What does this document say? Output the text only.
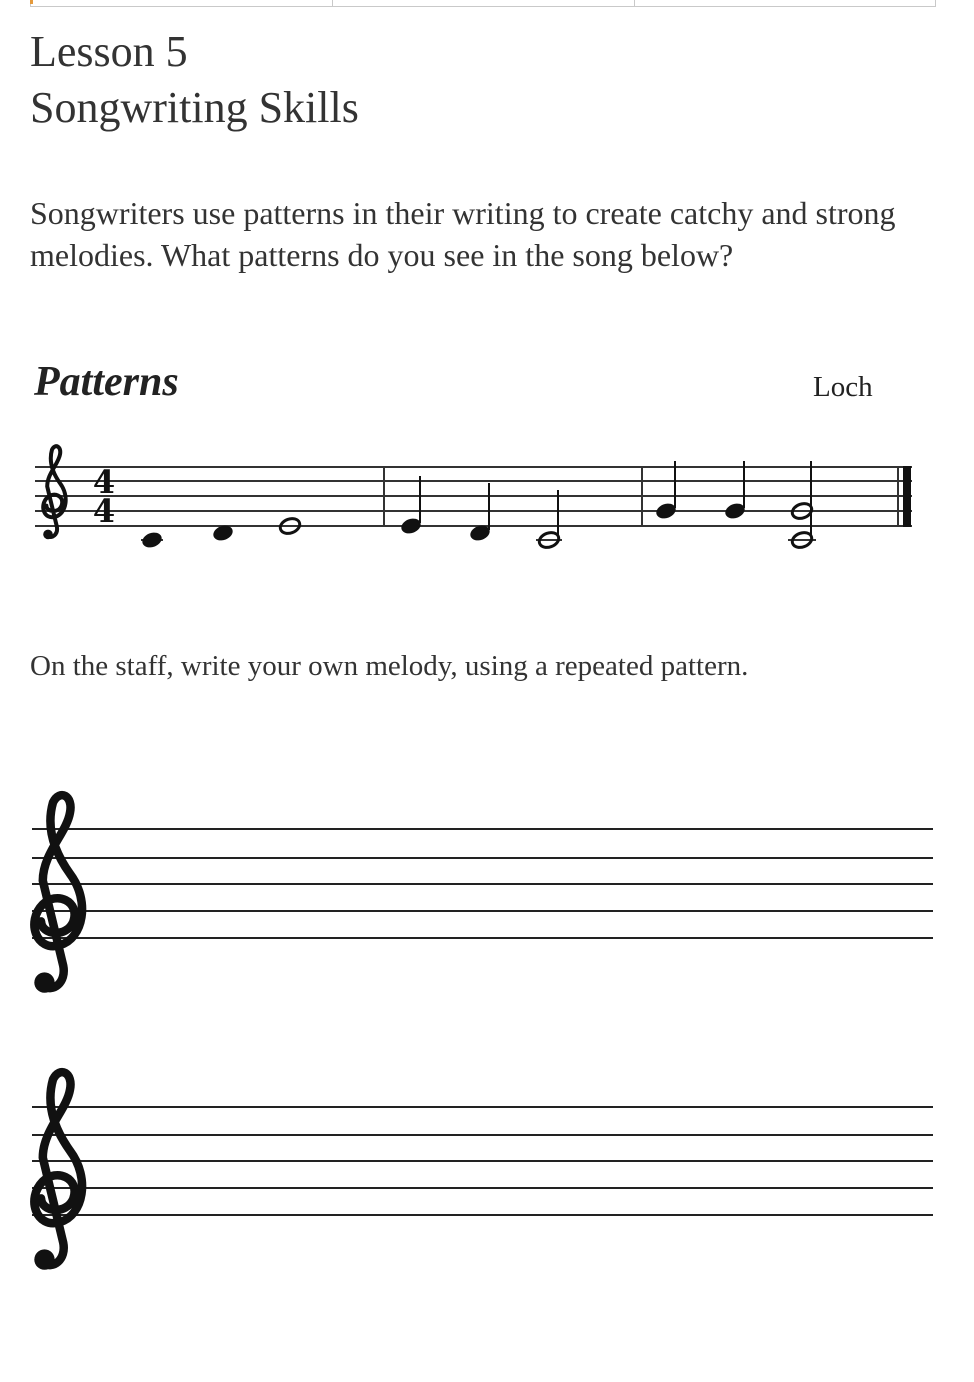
Lesson 5
Songwriting Skills
Songwriters use patterns in their writing to create catchy and strong melodies. What patterns do you see in the song below?
Patterns	Loch
On the staff, write your own melody, using a repeated pattern.
4
4
